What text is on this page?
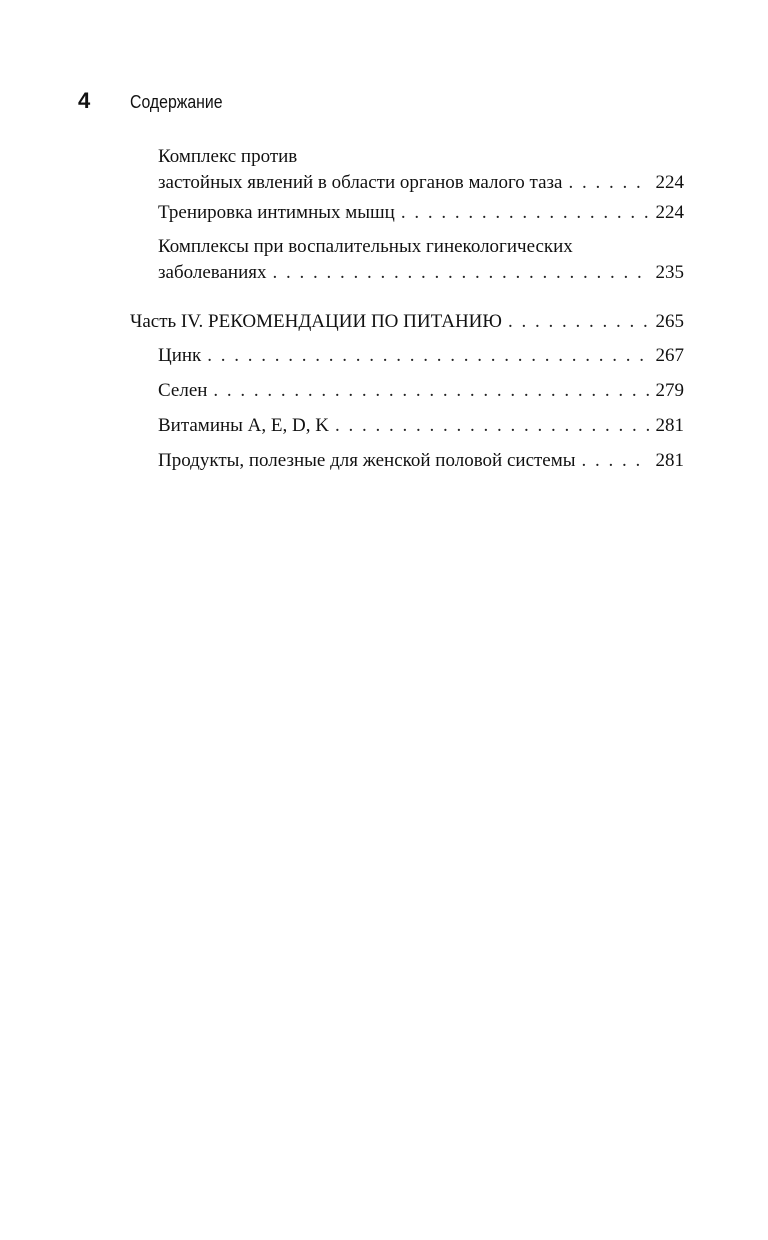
4	Содержание
Комплекс против
застойных явлений в области органов малого таза . . .	224
Тренировка интимных мышц . . .	224
Комплексы при воспалительных гинекологических
заболеваниях . . .	235
Часть IV. РЕКОМЕНДАЦИИ ПО ПИТАНИЮ . . .	265
Цинк . . .	267
Селен . . .	279
Витамины A, E, D, K . . .	281
Продукты, полезные для женской половой системы . . .	281
